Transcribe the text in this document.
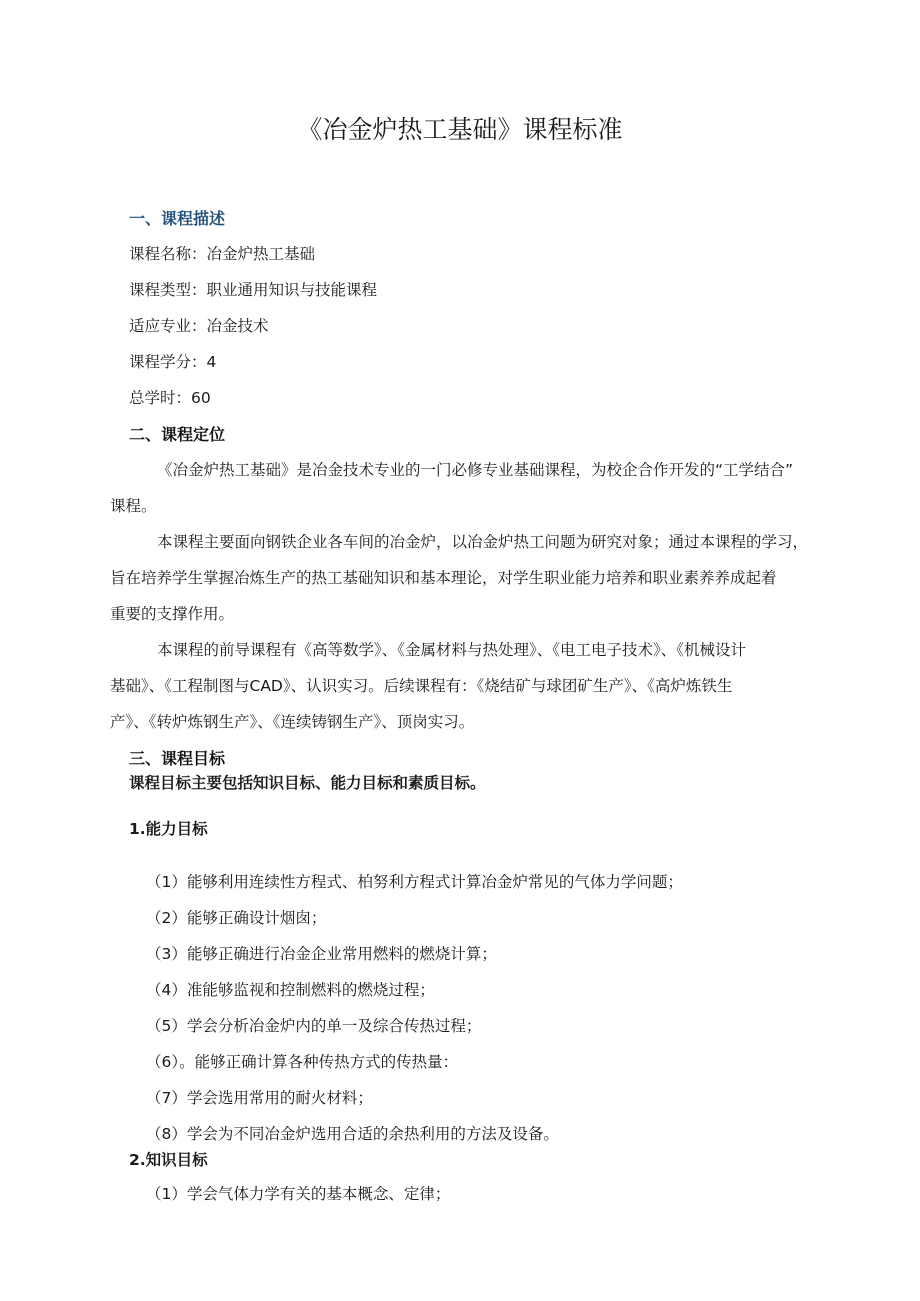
《冶金炉热工基础》课程标准
一、课程描述
课程名称：冶金炉热工基础
课程类型：职业通用知识与技能课程
适应专业：冶金技术
课程学分：4
总学时：60
二、课程定位
《冶金炉热工基础》是冶金技术专业的一门必修专业基础课程，为校企合作开发的“工学结合”
课程。
本课程主要面向钢铁企业各车间的冶金炉，以冶金炉热工问题为研究对象；通过本课程的学习，
旨在培养学生掌握冶炼生产的热工基础知识和基本理论，对学生职业能力培养和职业素养养成起着
重要的支撑作用。
本课程的前导课程有《高等数学》、《金属材料与热处理》、《电工电子技术》、《机械设计
基础》、《工程制图与CAD》、认识实习。后续课程有：《烧结矿与球团矿生产》、《高炉炼铁生
产》、《转炉炼钢生产》、《连续铸钢生产》、顶岗实习。
三、课程目标
课程目标主要包括知识目标、能力目标和素质目标。
1.能力目标
（1）能够利用连续性方程式、柏努利方程式计算冶金炉常见的气体力学问题；
（2）能够正确设计烟囱；
（3）能够正确进行冶金企业常用燃料的燃烧计算；
（4）准能够监视和控制燃料的燃烧过程；
（5）学会分析冶金炉内的单一及综合传热过程；
（6）。能够正确计算各种传热方式的传热量：
（7）学会选用常用的耐火材料；
（8）学会为不同冶金炉选用合适的余热利用的方法及设备。
2.知识目标
（1）学会气体力学有关的基本概念、定律；
